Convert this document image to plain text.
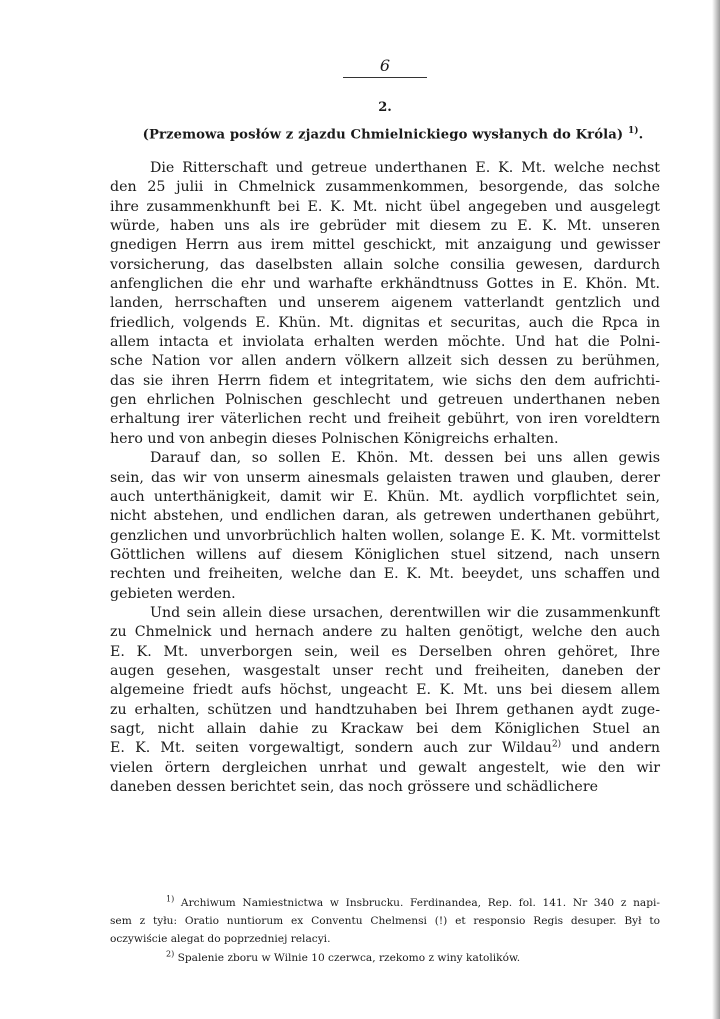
6
2.
(Przemowa posłów z zjazdu Chmielnickiego wysłanych do Króla) $^{1)}$.
Die Ritterschaft und getreue underthanen E. K. Mt. welche nechst
den 25 julii in Chmelnick zusammenkommen, besorgende, das solche
ihre zusammenkhunft bei E. K. Mt. nicht übel angegeben und ausgelegt
würde, haben uns als ire gebrüder mit diesem zu E. K. Mt. unseren
gnedigen Herrn aus irem mittel geschickt, mit anzaigung und gewisser
vorsicherung, das daselbsten allain solche consilia gewesen, dardurch
anfenglichen die ehr und warhafte erkhändtnuss Gottes in E. Khön. Mt.
landen, herrschaften und unserem aigenem vatterlandt gentzlich und
friedlich, volgends E. Khün. Mt. dignitas et securitas, auch die Rpca in
allem intacta et inviolata erhalten werden möchte. Und hat die Polni-
sche Nation vor allen andern völkern allzeit sich dessen zu berühmen,
das sie ihren Herrn fidem et integritatem, wie sichs den dem aufrichti-
gen ehrlichen Polnischen geschlecht und getreuen underthanen neben
erhaltung irer väterlichen recht und freiheit gebührt, von iren voreldtern
hero und von anbegin dieses Polnischen Königreichs erhalten.
Darauf dan, so sollen E. Khön. Mt. dessen bei uns allen gewis
sein, das wir von unserm ainesmals gelaisten trawen und glauben, derer
auch unterthänigkeit, damit wir E. Khün. Mt. aydlich vorpflichtet sein,
nicht abstehen, und endlichen daran, als getrewen underthanen gebührt,
genzlichen und unvorbrüchlich halten wollen, solange E. K. Mt. vormittelst
Göttlichen willens auf diesem Königlichen stuel sitzend, nach unsern
rechten und freiheiten, welche dan E. K. Mt. beeydet, uns schaffen und
gebieten werden.
Und sein allein diese ursachen, derentwillen wir die zusammenkunft
zu Chmelnick und hernach andere zu halten genötigt, welche den auch
E. K. Mt. unverborgen sein, weil es Derselben ohren gehöret, Ihre
augen gesehen, wasgestalt unser recht und freiheiten, daneben der
algemeine friedt aufs höchst, ungeacht E. K. Mt. uns bei diesem allem
zu erhalten, schützen und handtzuhaben bei Ihrem gethanen aydt zuge-
sagt, nicht allain dahie zu Krackaw bei dem Königlichen Stuel an
E. K. Mt. seiten vorgewaltigt, sondern auch zur Wildau$^{2)}$ und andern
vielen örtern dergleichen unrhat und gewalt angestelt, wie den wir
daneben dessen berichtet sein, das noch grössere und schädlichere
$^{1)}$ Archiwum Namiestnictwa w Insbrucku. Ferdinandea, Rep. fol. 141. Nr 340 z napi-
sem z tyłu: Oratio nuntiorum ex Conventu Chelmensi (!) et responsio Regis desuper. Był to
oczywiście alegat do poprzedniej relacyi.
$^{2)}$ Spalenie zboru w Wilnie 10 czerwca, rzekomo z winy katolików.
